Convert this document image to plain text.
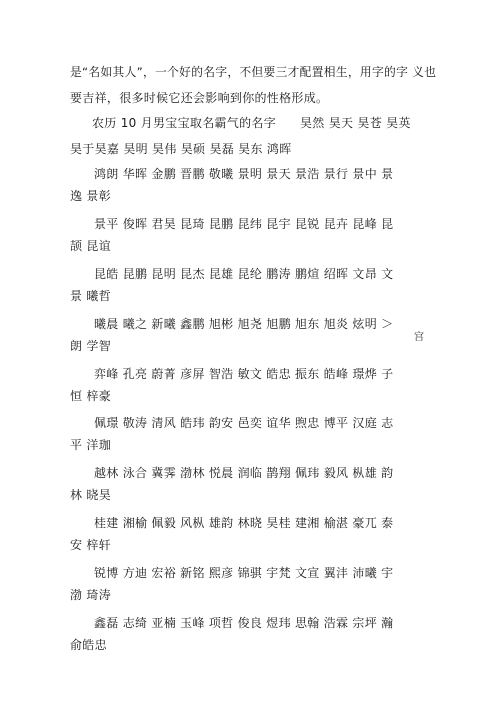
是“名如其人”，一个好的名字，不但要三才配置相生，用字的字 义也
要吉祥，很多时候它还会影响到你的性格形成。
农历 10 月男宝宝取名霸气的名字 昊然 昊天 昊苍 昊英
昊于昊嘉 昊明 昊伟 昊硕 昊磊 昊东 鸿晖
鸿朗 华晖 金鹏 晋鹏 敬曦 景明 景天 景浩 景行 景中 景
逸 景彰
景平 俊晖 君昊 昆琦 昆鹏 昆纬 昆宇 昆锐 昆卉 昆峰 昆
颉 昆谊
昆皓 昆鹏 昆明 昆杰 昆雄 昆纶 鹏涛 鹏煊 绍晖 文昂 文
景 曦哲
曦晨 曦之 新曦 鑫鹏 旭彬 旭尧 旭鹏 旭东 旭炎 炫明 ＞
宫
朗 学智
弈峰 孔亮 蔚菁 彦屏 智浩 敏文 皓忠 振东 皓峰 璟烨 子
恒 梓豪
佩璟 敬涛 清风 皓玮 韵安 邑奕 谊华 煦忠 博平 汉庭 志
平 洋珈
越林 泳合 冀霁 渤林 悦晨 润临 鹊翔 佩玮 毅风 枞雄 韵
林 晓昊
桂建 湘榆 佩毅 风枞 雄韵 林晓 昊桂 建湘 榆湛 豪兀 泰
安 梓轩
锐博 方迪 宏裕 新铭 熙彦 锦骐 宇梵 文宣 翼沣 沛曦 宇
渤 琦涛
鑫磊 志绮 亚楠 玉峰 项哲 俊良 煜玮 思翰 浩霖 宗坪 瀚
俞皓忠
